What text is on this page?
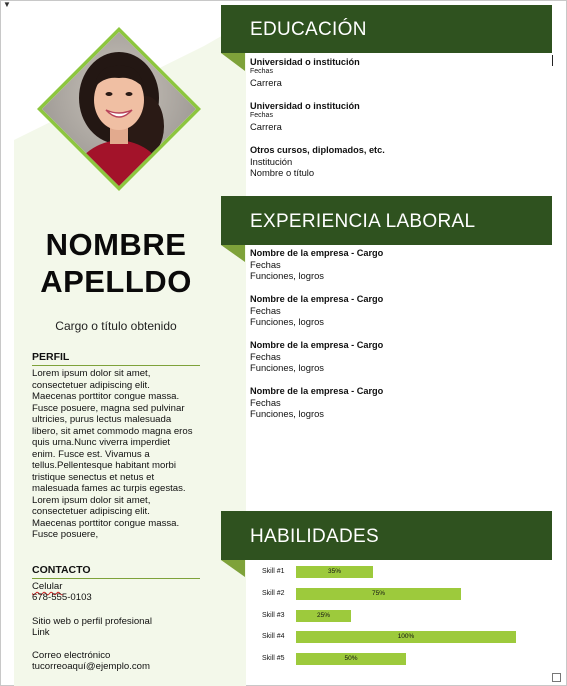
▼
NOMBRE
APELLDO
Cargo o título obtenido
PERFIL
Lorem ipsum dolor sit amet,
consectetuer adipiscing elit.
Maecenas porttitor congue massa.
Fusce posuere, magna sed pulvinar
ultricies, purus lectus malesuada
libero, sit amet commodo magna eros
quis urna.Nunc viverra imperdiet
enim. Fusce est. Vivamus a
tellus.Pellentesque habitant morbi
tristique senectus et netus et
malesuada fames ac turpis egestas.
Lorem ipsum dolor sit amet,
consectetuer adipiscing elit.
Maecenas porttitor congue massa.
Fusce posuere,
CONTACTO
Celular
678-555-0103
Sitio web o perfil profesional
Link
Correo electrónico
tucorreoaquí@ejemplo.com
EDUCACIÓN
Universidad o institución
Fechas
Carrera
Universidad o institución
Fechas
Carrera
Otros cursos, diplomados, etc.
Institución
Nombre o título
EXPERIENCIA LABORAL
Nombre de la empresa - Cargo
Fechas
Funciones, logros
Nombre de la empresa - Cargo
Fechas
Funciones, logros
Nombre de la empresa - Cargo
Fechas
Funciones, logros
Nombre de la empresa - Cargo
Fechas
Funciones, logros
HABILIDADES
Skill #1	35%
Skill #2	75%
Skill #3	25%
Skill #4	100%
Skill #5	50%
